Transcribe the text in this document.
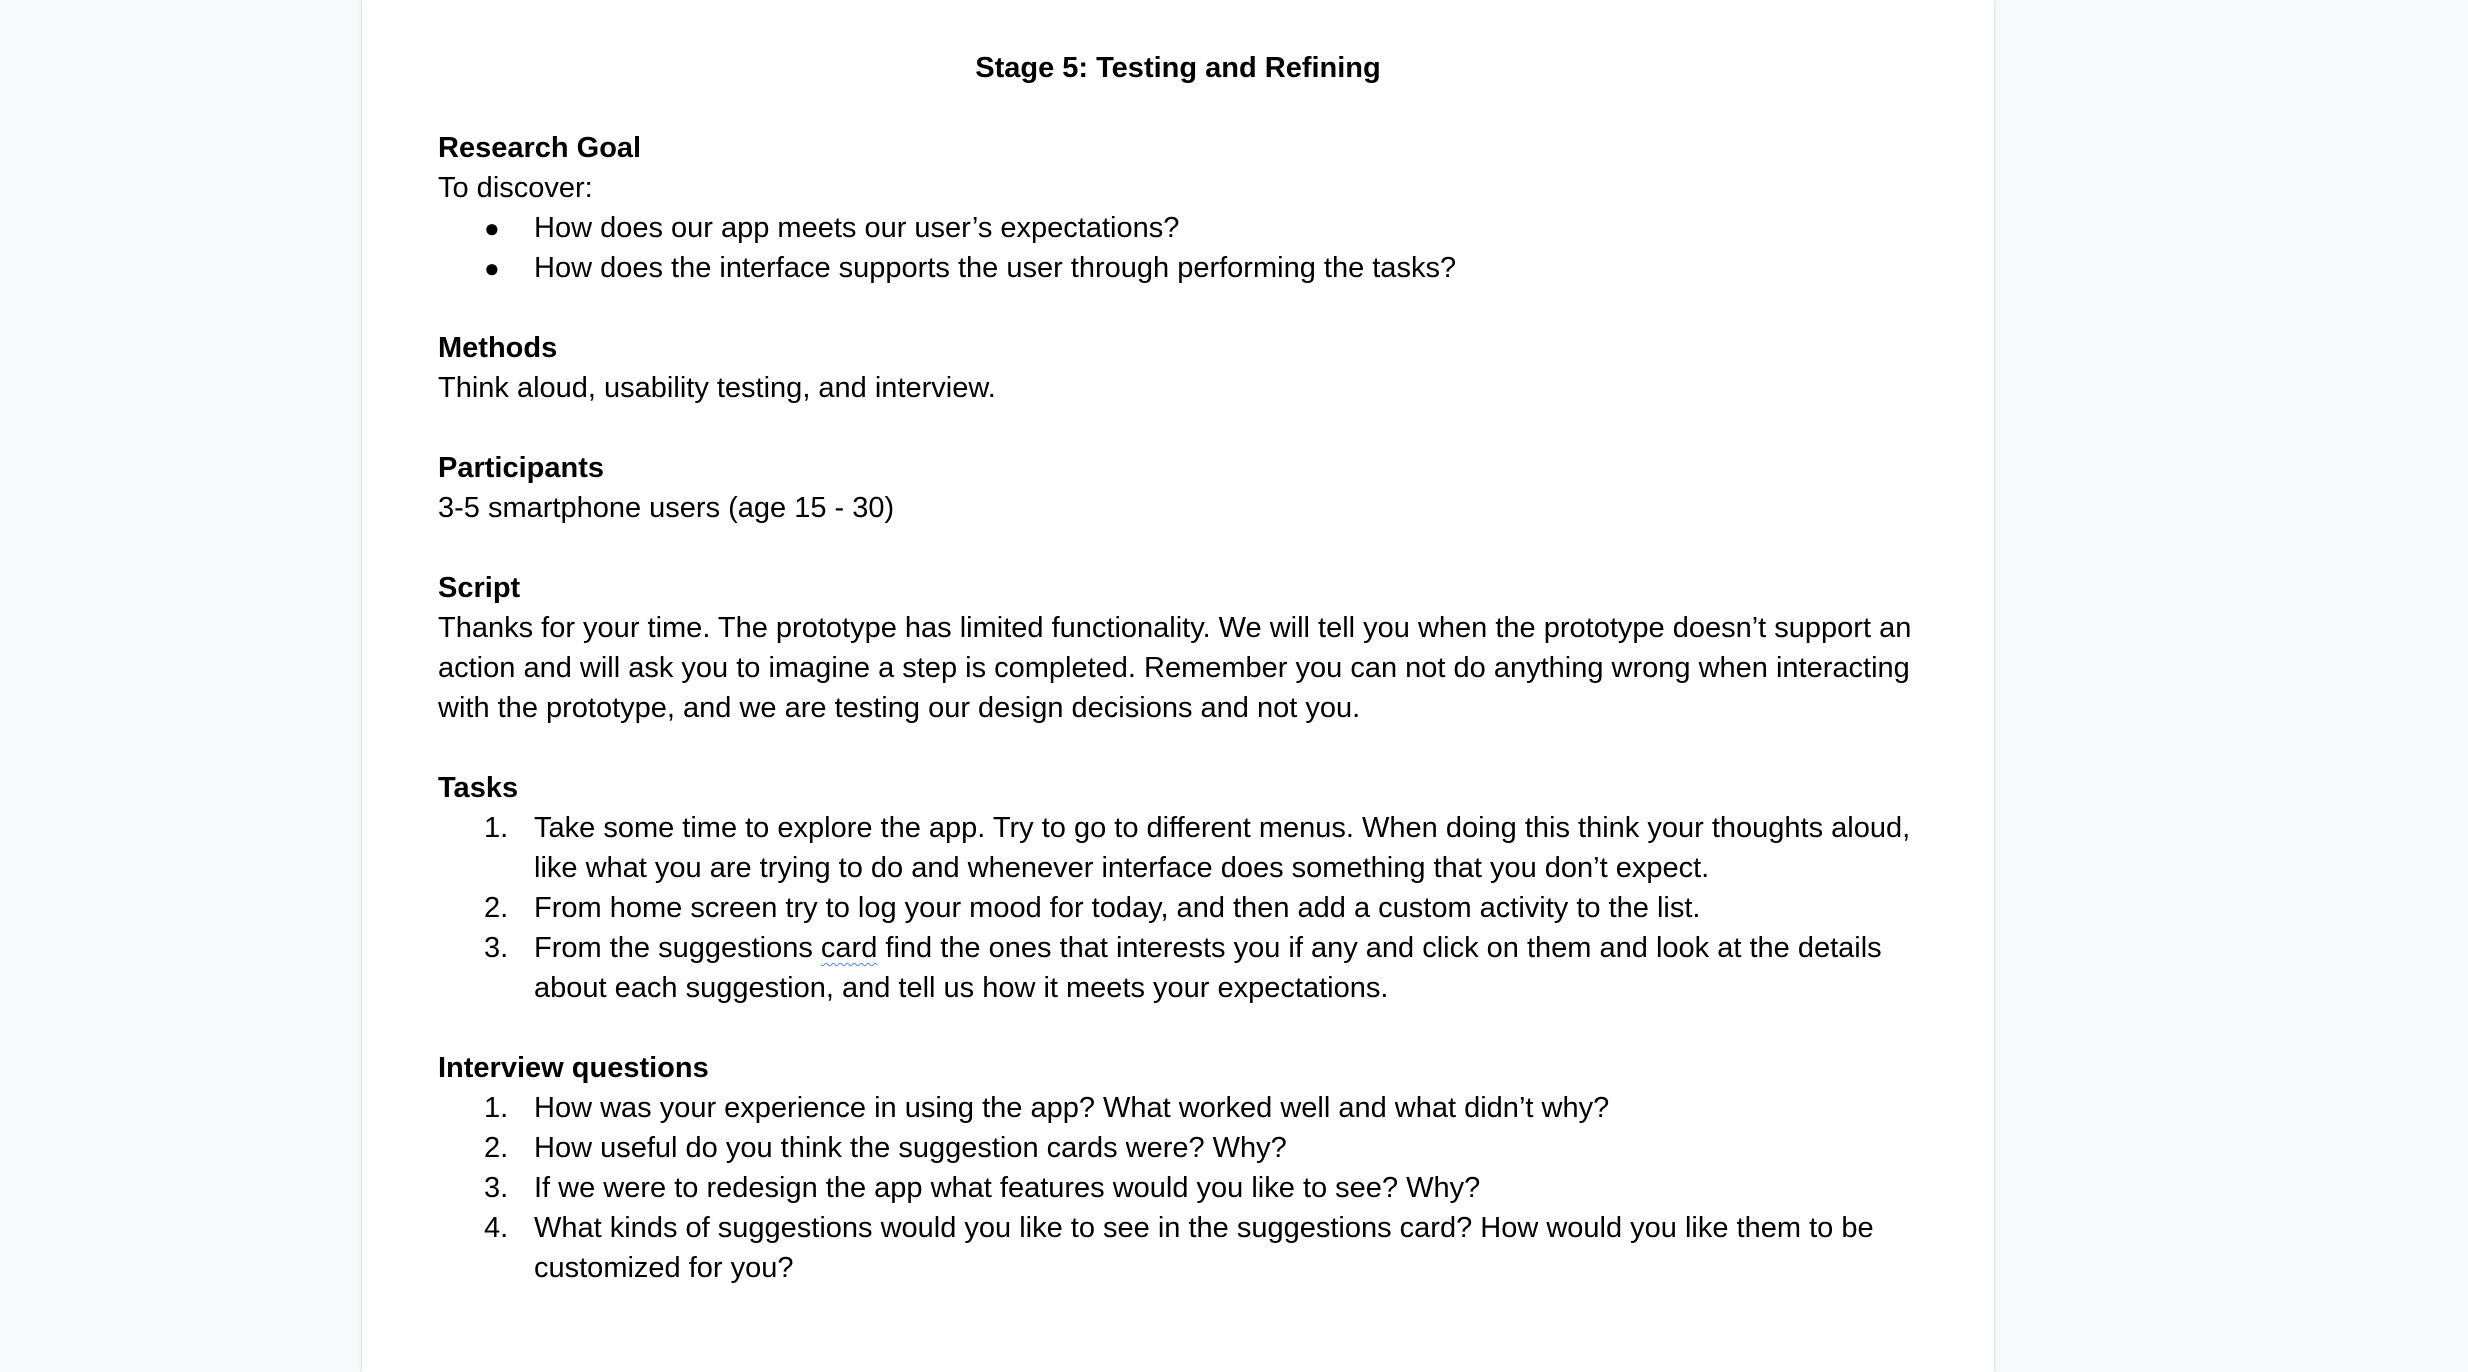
Stage 5: Testing and Refining
Research Goal

To discover:

● How does our app meets our user’s expectations?
● How does the interface supports the user through performing the tasks?
Methods

Think aloud, usability testing, and interview.

Participants

3-5 smartphone users (age 15 - 30)

Script

Thanks for your time. The prototype has limited functionality. We will tell you when the prototype doesn’t support an action and will ask you to imagine a step is completed. Remember you can not do anything wrong when interacting with the prototype, and we are testing our design decisions and not you.

Tasks
1. Take some time to explore the app. Try to go to different menus. When doing this think your thoughts aloud, like what you are trying to do and whenever interface does something that you don’t expect.
2. From home screen try to log your mood for today, and then add a custom activity to the list.
3. From the suggestions card find the ones that interests you if any and click on them and look at the details about each suggestion, and tell us how it meets your expectations.
Interview questions
1. How was your experience in using the app? What worked well and what didn’t why?
2. How useful do you think the suggestion cards were? Why?
3. If we were to redesign the app what features would you like to see? Why?
4. What kinds of suggestions would you like to see in the suggestions card? How would you like them to be customized for you?
